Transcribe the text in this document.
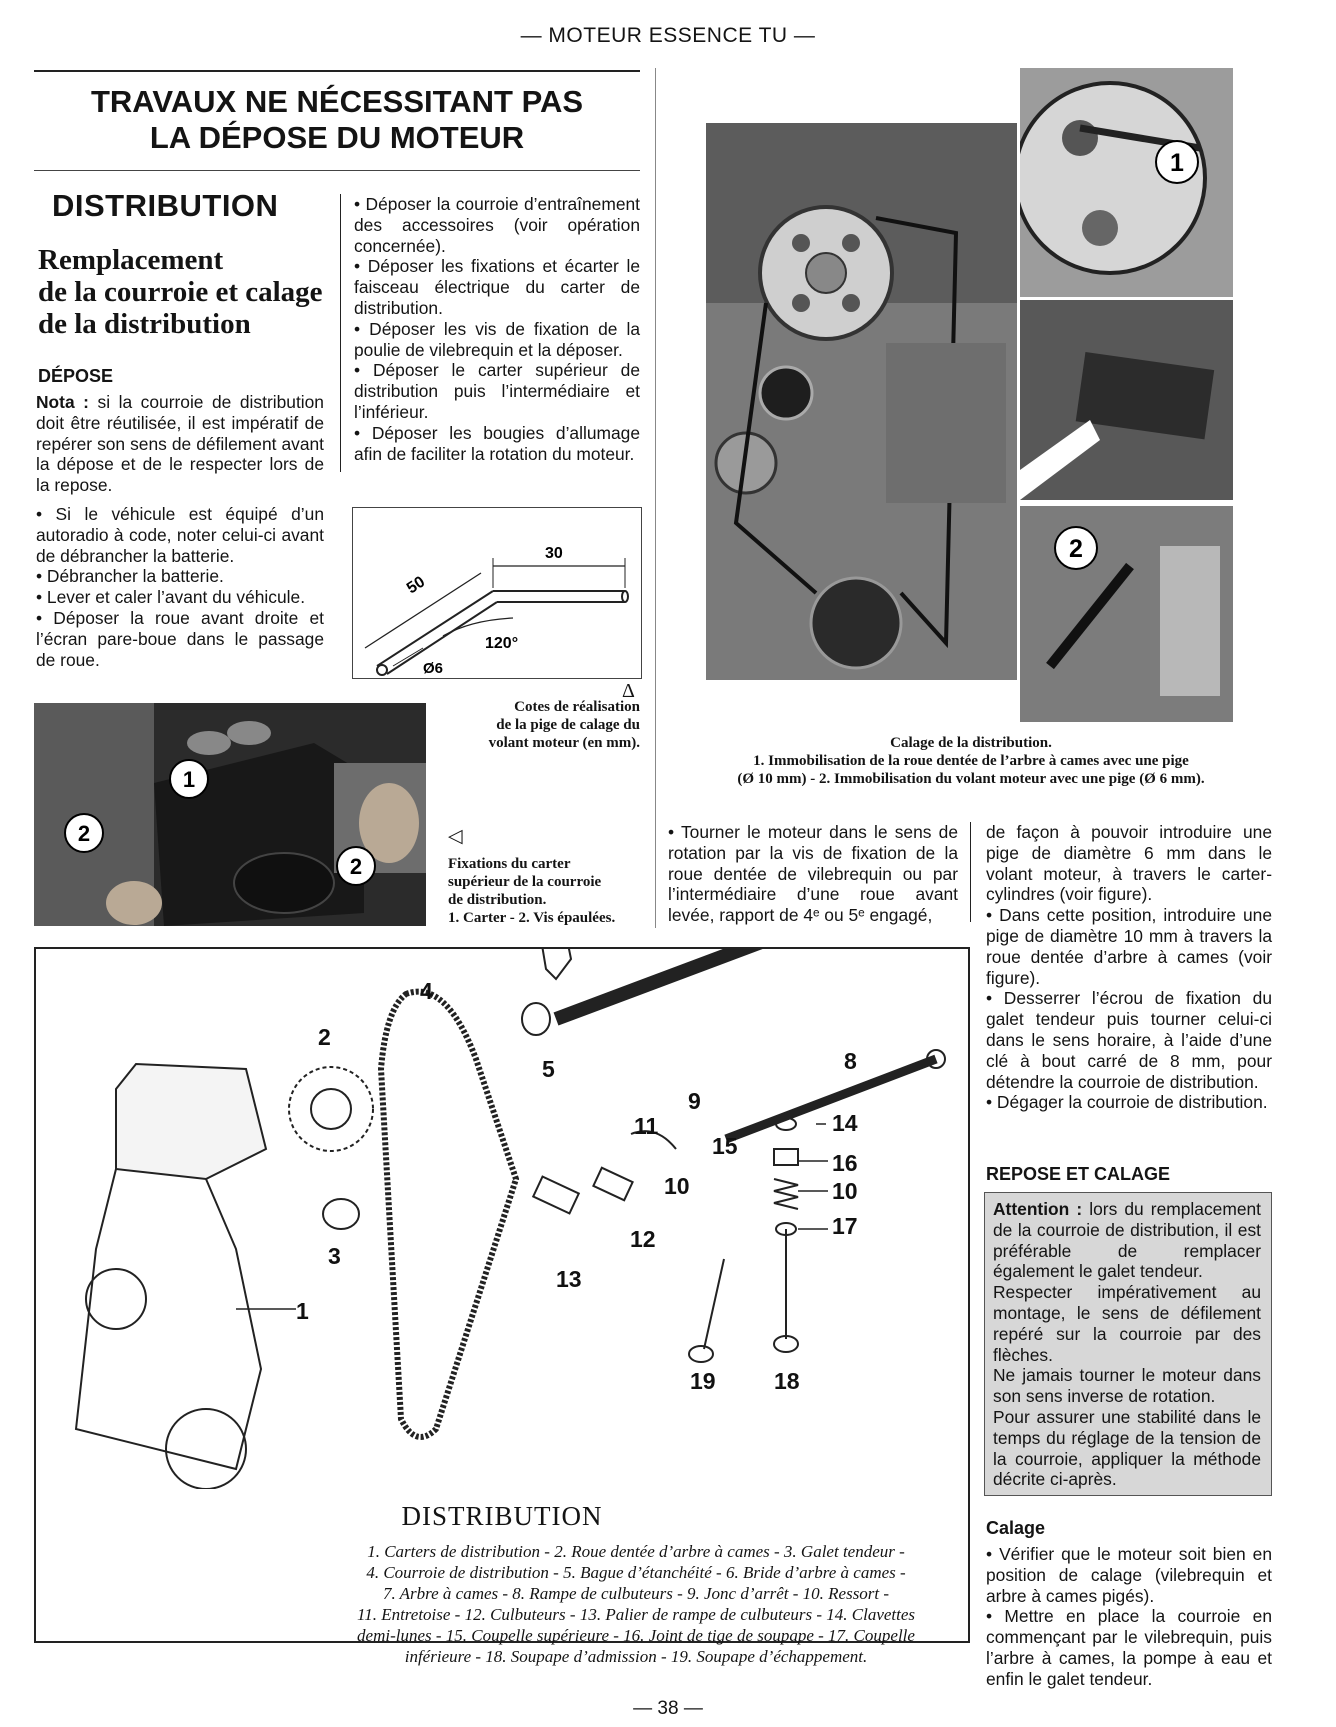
— MOTEUR ESSENCE TU —
TRAVAUX NE NÉCESSITANT PAS
LA DÉPOSE DU MOTEUR
DISTRIBUTION
Remplacement
de la courroie et calage
de la distribution
DÉPOSE

Nota : si la courroie de distribution doit être réutilisée, il est impératif de repérer son sens de défilement avant la dépose et de le respecter lors de la repose.

• Si le véhicule est équipé d’un autoradio à code, noter celui-ci avant de débrancher la batterie.

• Débrancher la batterie.

• Lever et caler l’avant du véhicule.

• Déposer la roue avant droite et l’écran pare-boue dans le passage de roue.

• Déposer la courroie d’entraînement des accessoires (voir opération concernée).

• Déposer les fixations et écarter le faisceau électrique du carter de distribution.

• Déposer les vis de fixation de la poulie de vilebrequin et la déposer.

• Déposer le carter supérieur de distribution puis l’intermédiaire et l’inférieur.

• Déposer les bougies d’allumage afin de faciliter la rotation du moteur.

50
30
120°
Ø6
Δ
Cotes de réalisation
de la pige de calage du
volant moteur (en mm).
1
2
2
◁
Fixations du carter
supérieur de la courroie
de distribution.
1. Carter - 2. Vis épaulées.
1
2
Calage de la distribution.
1. Immobilisation de la roue dentée de l’arbre à cames avec une pige
(Ø 10 mm) - 2. Immobilisation du volant moteur avec une pige (Ø 6 mm).

• Tourner le moteur dans le sens de rotation par la vis de fixation de la roue dentée de vilebrequin ou par l’intermédiaire d’une roue avant levée, rapport de 4ᵉ ou 5ᵉ engagé,

de façon à pouvoir introduire une pige de diamètre 6 mm dans le volant moteur, à travers le carter-cylindres (voir figure).

• Dans cette position, introduire une pige de diamètre 10 mm à travers la roue dentée d’arbre à cames (voir figure).

• Desserrer l’écrou de fixation du galet tendeur puis tourner celui-ci dans le sens horaire, à l’aide d’une clé à bout carré de 8 mm, pour détendre la courroie de distribution.

• Dégager la courroie de distribution.

REPOSE ET CALAGE
Attention : lors du remplacement de la courroie de distribution, il est préférable de remplacer également le galet tendeur.
Respecter impérativement au montage, le sens de défilement repéré sur la courroie par des flèches.
Ne jamais tourner le moteur dans son sens inverse de rotation.
Pour assurer une stabilité dans le temps du réglage de la tension de la courroie, appliquer la méthode décrite ci-après.
Calage

• Vérifier que le moteur soit bien en position de calage (vilebrequin et arbre à cames pigés).

• Mettre en place la courroie en commençant par le vilebrequin, puis l’arbre à cames, la pompe à eau et enfin le galet tendeur.

1
2
3
4
5	8
9
10	10
11
12
13
14
15
16
17
18
19
DISTRIBUTION
1. Carters de distribution - 2. Roue dentée d’arbre à cames - 3. Galet tendeur -
4. Courroie de distribution - 5. Bague d’étanchéité - 6. Bride d’arbre à cames -
7. Arbre à cames - 8. Rampe de culbuteurs - 9. Jonc d’arrêt - 10. Ressort -
11. Entretoise - 12. Culbuteurs - 13. Palier de rampe de culbuteurs - 14. Clavettes
demi-lunes - 15. Coupelle supérieure - 16. Joint de tige de soupape - 17. Coupelle
inférieure - 18. Soupape d’admission - 19. Soupape d’échappement.
— 38 —
